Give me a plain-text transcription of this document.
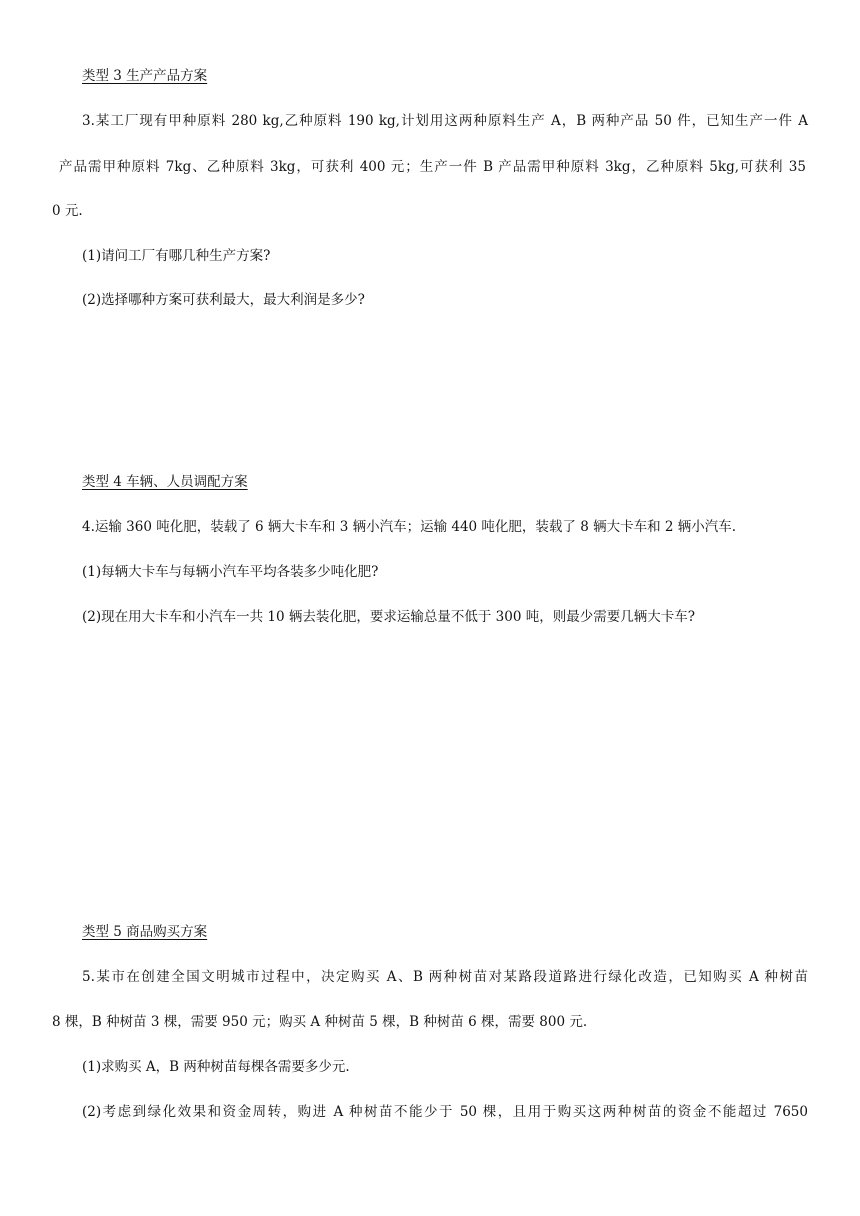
类型 3 生产产品方案
3.某工厂现有甲种原料 280 kg,乙种原料 190 kg,计划用这两种原料生产 A，B 两种产品 50 件，已知生产一件 A
产品需甲种原料 7kg、乙种原料 3kg，可获利 400 元；生产一件 B 产品需甲种原料 3kg，乙种原料 5kg,可获利 35
0 元.
(1)请问工厂有哪几种生产方案?
(2)选择哪种方案可获利最大，最大利润是多少?
类型 4 车辆、人员调配方案
4.运输 360 吨化肥，装载了 6 辆大卡车和 3 辆小汽车；运输 440 吨化肥，装载了 8 辆大卡车和 2 辆小汽车.
(1)每辆大卡车与每辆小汽车平均各装多少吨化肥?
(2)现在用大卡车和小汽车一共 10 辆去装化肥，要求运输总量不低于 300 吨，则最少需要几辆大卡车?
类型 5 商品购买方案
5.某市在创建全国文明城市过程中，决定购买 A、B 两种树苗对某路段道路进行绿化改造，已知购买 A 种树苗
8 棵，B 种树苗 3 棵，需要 950 元；购买 A 种树苗 5 棵，B 种树苗 6 棵，需要 800 元.
(1)求购买 A，B 两种树苗每棵各需要多少元.
(2)考虑到绿化效果和资金周转，购进 A 种树苗不能少于 50 棵，且用于购买这两种树苗的资金不能超过 7650
